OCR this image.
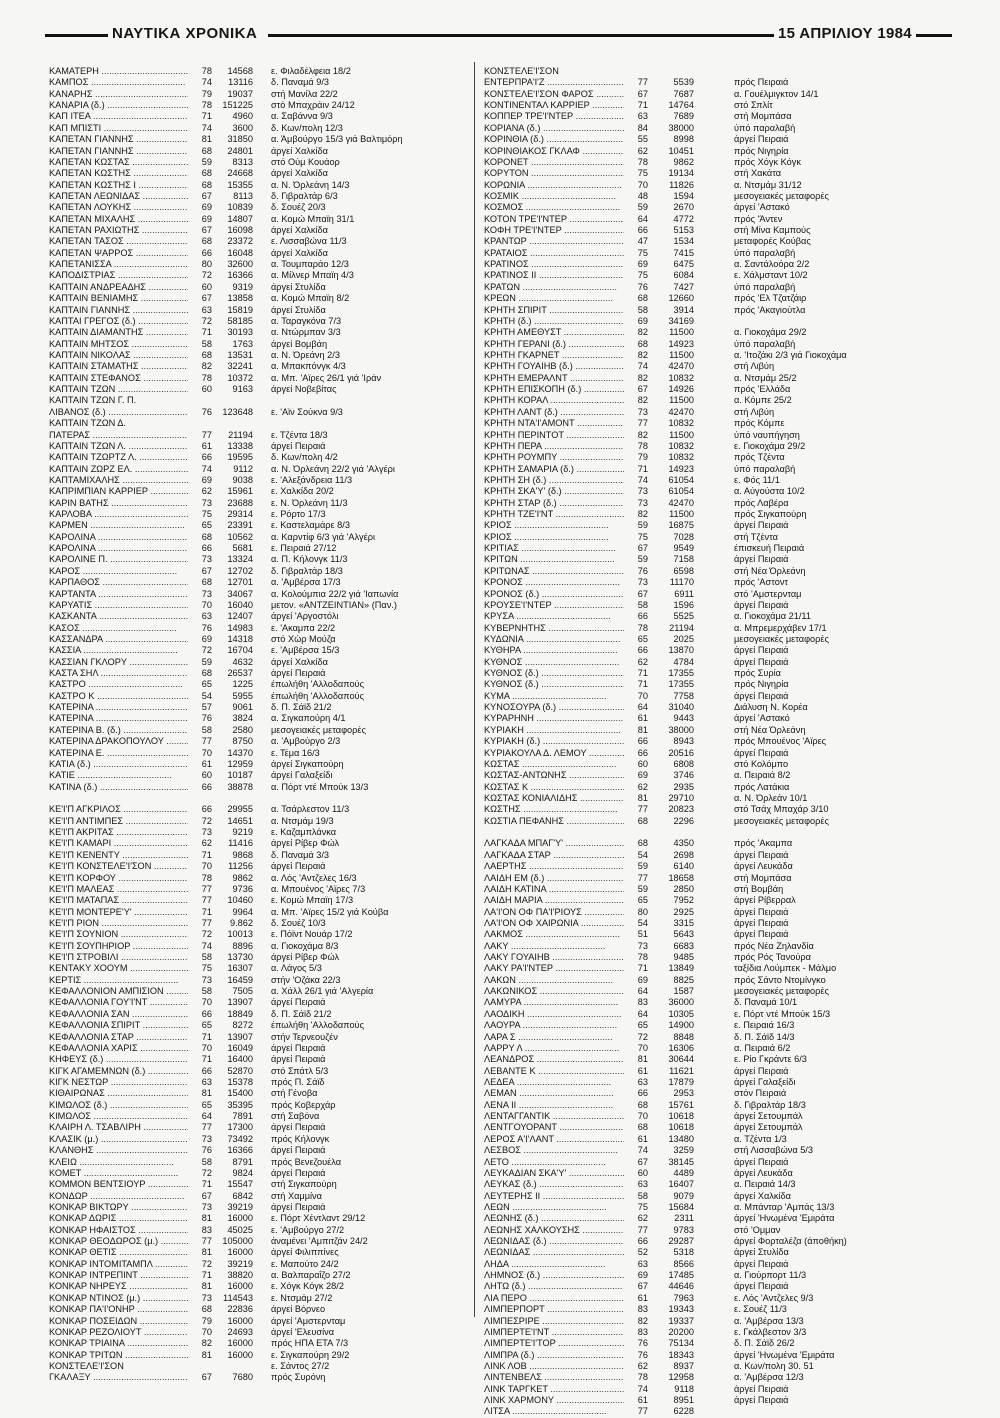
ΝΑΥΤΙΚΑ ΧΡΟΝΙΚΑ	15 ΑΠΡΙΛΙΟΥ 1984
ΚΑΜΑΤΕΡΗ .....	78	14568 ε. Φιλαδέλφεια 18/2
ΚΑΜΠΟΣ .....	74	13116 δ. Παναμά 9/3
ΚΑΝΑΡΗΣ .....	79	19037 στή Μανίλα 22/2
ΚΑΝΑΡΙΑ (δ.) .....	78	151225 στό Μπαχράιν 24/12
ΚΑΠ ΙΤΕΑ .....	71	4960 α. Σαβάννα 9/3
ΚΑΠ ΜΠΙΣΤΙ .....	74	3600 δ. Κων/πολη 12/3
ΚΑΠΕΤΑΝ ΓΙΑΝΝΗΣ .....	81	31850 α. Άμβούργο 15/3 γιά Βαλτιμόρη
ΚΑΠΕΤΑΝ ΓΙΑΝΝΗΣ .....	68	24801 άργεί Χαλκίδα
ΚΑΠΕΤΑΝ ΚΩΣΤΑΣ .....	59	8313 στό Ούμ Κουάορ
ΚΑΠΕΤΑΝ ΚΩΣΤΗΣ .....	68	24668 άργεί Χαλκίδα
ΚΑΠΕΤΑΝ ΚΩΣΤΗΣ Ι .....	68	15355 α. Ν. Όρλεάνη 14/3
ΚΑΠΕΤΑΝ ΛΕΩΝΙΔΑΣ .....	67	8113 δ. Γιβραλτάρ 6/3
ΚΑΠΕΤΑΝ ΛΟΥΚΗΣ .....	69	10839 δ. Σουέζ 20/3
ΚΑΠΕΤΑΝ ΜΙΧΑΛΗΣ .....	69	14807 α. Κομώ Μπαϊη 31/1
ΚΑΠΕΤΑΝ ΡΑΧΙΩΤΗΣ .....	67	16098 άργεί Χαλκίδα
ΚΑΠΕΤΑΝ ΤΑΣΟΣ .....	68	23372 ε. Λισσαβώνα 11/3
ΚΑΠΕΤΑΝ ΨΑΡΡΟΣ .....	66	16048 άργεί Χαλκίδα
ΚΑΠΕΤΑΝΙΣΣΑ .....	80	32600 α. Τουμπαράο 12/3
ΚΑΠΟΔΙΣΤΡΙΑΣ .....	72	16366 α. Μίλνερ Μπαϊη 4/3
ΚΑΠΤΑΙΝ ΑΝΔΡΕΑΔΗΣ .....	60	9319 άργεί Στυλίδα
ΚΑΠΤΑΙΝ ΒΕΝΙΑΜΗΣ .....	67	13858 α. Κομώ Μπαϊη 8/2
ΚΑΠΤΑΙΝ ΓΙΑΝΝΗΣ .....	63	15819 άργεί Στυλίδα
ΚΑΠΤΑΙ ΓΡΕΓΟΣ (δ.) .....	72	58185 α. Ταραγκόνα 7/3
ΚΑΠΤΑΙΝ ΔΙΑΜΑΝΤΗΣ .....	71	30193 α. Ντώρμπαν 3/3
ΚΑΠΤΑΙΝ ΜΗΤΣΟΣ .....	58	1763 άργεί Βομβάη
ΚΑΠΤΑΙΝ ΝΙΚΟΛΑΣ .....	68	13531 α. Ν. Όρεάνη 2/3
ΚΑΠΤΑΙΝ ΣΤΑΜΑΤΗΣ .....	82	32241 α. Μπακπόνγκ 4/3
ΚΑΠΤΑΙΝ ΣΤΕΦΑΝΟΣ .....	78	10372 α. Μπ. 'Αϊρες 26/1 γιά 'Ιράν
ΚΑΠΤΑΙΝ ΤΖΩΝ .....	60	9163 άργεί Νοβεβίτας
ΚΑΠΤΑΙΝ ΤΖΩΝ Γ. Π.
ΛΙΒΑΝΟΣ (δ.) .....	76	123648 ε. 'Αϊν Σούκνα 9/3
ΚΑΠΤΑΙΝ ΤΖΩΝ Δ.
ΠΑΤΕΡΑΣ .....	77	21194 ε. Τζέντα 18/3
ΚΑΠΤΑΙΝ ΤΖΩΝ Λ. .....	61	13338 άργεί Πειραιά
ΚΑΠΤΑΙΝ ΤΖΩΡΤΖ Λ. .....	66	19595 δ. Κων/πολη 4/2
ΚΑΠΤΑΙΝ ΖΩΡΖ ΕΛ. .....	74	9112 α. Ν. Όρλεάνη 22/2 γιά 'Αλγέρι
ΚΑΠΤΑΜΙΧΑΛΗΣ .....	69	9038 ε. 'Αλεξάνδρεια 11/3
ΚΑΠΡΙΜΠΙΑΝ ΚΑΡΡΙΕΡ .....	62	15961 ε. Χαλκίδα 20/2
ΚΑΡΙΝ ΒΑΤΗΣ .....	73	23688 ε. Ν. Όρλεάνη 11/3
ΚΑΡΛΟΒΑ .....	75	29314 ε. Ρόρτο 17/3
ΚΑΡΜΕΝ .....	65	23391 ε. Καστελαμάρε 8/3
ΚΑΡΟΛΙΝΑ .....	68	10562 α. Καρντίφ 6/3 γιά 'Αλγέρι
ΚΑΡΟΛΙΝΑ .....	66	5681 ε. Πειραιά 27/12
ΚΑΡΟΛΙΝΕ Π. .....	73	13324 α. Π. Κήλονγκ 11/3
ΚΑΡΟΣ .....	67	12702 δ. Γιβραλτάρ 18/3
ΚΑΡΠΑΘΟΣ .....	68	12701 α. 'Αμβέρσα 17/3
ΚΑΡΤΑΝΤΑ .....	73	34067 α. Κολούμπια 22/2 γιά 'Ιαπωνία
ΚΑΡΥΑΤΙΣ .....	70	16040 μετον. «ΑΝΤΖΕΙΝΤΙΑΝ» (Παν.)
ΚΑΣΚΑΝΤΑ .....	63	12407 άργεί 'Αργοστόλι
ΚΑΣΟΣ .....	76	14983 ε. 'Ακαμπα 22/2
ΚΑΣΣΑΝΔΡΑ .....	69	14318 στό Χώρ Μούζα
ΚΑΣΣΙΑ .....	72	16704 ε. 'Αμβέρσα 15/3
ΚΑΣΣΙΑΝ ΓΚΛΟΡΥ .....	59	4632 άργεί Χαλκίδα
ΚΑΣΤΑ ΣΗΛ .....	68	26537 άργεί Πειραιά
ΚΑΣΤΡΟ .....	65	1225 έπωλήθη 'Αλλοδαπούς
ΚΑΣΤΡΟ Κ .....	54	5955 έπωλήθη 'Αλλοδαπούς
ΚΑΤΕΡΙΝΑ .....	57	9061 δ. Π. Σάϊδ 21/2
ΚΑΤΕΡΙΝΑ .....	76	3824 α. Σιγκαπούρη 4/1
ΚΑΤΕΡΙΝΑ Β. (δ.) .....	58	2580 μεσογειακές μεταφορές
ΚΑΤΕΡΙΝΑ ΔΡΑΚΟΠΟΥΛΟΥ .....	77	8750 α. 'Αμβούργο 2/3
ΚΑΤΕΡΙΝΑ Ε. .....	70	14370 ε. Τέμα 16/3
ΚΑΤΙΑ (δ.) .....	61	12959 άργεί Σιγκαπούρη
ΚΑΤΙΕ .....	60	10187 άργεί Γαλαξείδι
ΚΑΤΙΝΑ (δ.) .....	66	38878 α. Πόρτ ντέ Μπούκ 13/3
ΚΕ'Ι'Π ΑΓΚΡΙΛΟΣ .....	66	29955 α. Τσάρλεστον 11/3
ΚΕ'Ι'Π ΑΝΤΙΜΠΕΣ .....	72	14651 α. Ντσμάμ 19/3
ΚΕ'Ι'Π ΑΚΡΙΤΑΣ .....	73	9219 ε. Καζαμπλάνκα
ΚΕ'Ι'Π ΚΑΜΑΡΙ .....	62	11416 άργεί Ρίβερ Φώλ
ΚΕ'Ι'Π ΚΕΝΕΝΤΥ .....	71	9868 δ. Παναμά 3/3
ΚΕ'Ι'Π ΚΟΝΣΤΕΛΕ'Ι'ΣΟΝ .....	70	11256 άργεί Πειραιά
ΚΕ'Ι'Π ΚΟΡΦΟΥ .....	78	9862 α. Λός 'Αντζελες 16/3
ΚΕ'Ι'Π ΜΑΛΕΑΣ .....	77	9736 α. Μπουένος 'Αϊρες 7/3
ΚΕ'Ι'Π ΜΑΤΑΠΑΣ .....	77	10460 ε. Κομώ Μπαϊη 17/3
ΚΕ'Ι'Π ΜΟΝΤΕΡΕ'Υ' .....	71	9964 α. Μπ. 'Αϊρες 15/2 γιά Κούβα
ΚΕ'Ι'Π ΡΙΟΝ .....	77	9.862 δ. Σουέζ 10/3
ΚΕ'Ι'Π ΣΟΥΝΙΟΝ .....	72	10013 ε. Πόϊντ Νουάρ 17/2
ΚΕ'Ι'Π ΣΟΥΠΗΡΙΟΡ .....	74	8896 α. Γιοκοχάμα 8/3
ΚΕ'Ι'Π ΣΤΡΟΒΙΛΙ .....	58	13730 άργεί Ρίβερ Φώλ
ΚΕΝΤΑΚΥ ΧΟΟΥΜ .....	75	16307 α. Λάγος 5/3
ΚΕΡΤΙΣ .....	73	16459 στήν 'Οζάκα 22/3
ΚΕΦΑΛΛΟΝΙΟΝ ΑΜΠΙΣΙΟΝ .....	58	7505 α. Χάλλ 26/1 γιά 'Αλγερία
ΚΕΦΑΛΛΟΝΙΑ ΓΟΥ'Ι'ΝΤ .....	70	13907 άργεί Πειραιά
ΚΕΦΑΛΛΟΝΙΑ ΣΑΝ .....	66	18849 δ. Π. Σάϊδ 21/2
ΚΕΦΑΛΛΟΝΙΑ ΣΠΙΡΙΤ .....	65	8272 έπωλήθη 'Αλλοδαπούς
ΚΕΦΑΛΛΟΝΙΑ ΣΤΑΡ .....	71	13907 στήν Τερνεουζέν
ΚΕΦΑΛΛΟΝΙΑ ΧΑΡΙΣ .....	70	16049 άργεί Πειραιά
ΚΗΦΕΥΣ (δ.) .....	71	16400 άργεί Πειραιά
ΚΙΓΚ ΑΓΑΜΕΜΝΩΝ (δ.) .....	66	52870 στό Σπάτλ 5/3
ΚΙΓΚ ΝΕΣΤΩΡ .....	63	15378 πρός Π. Σάϊδ
ΚΙΘΑΙΡΩΝΑΣ .....	81	15400 στή Γένοβα
ΚΙΜΩΛΟΣ (δ.) .....	65	35395 πρός Κοβερχάρ
ΚΙΜΩΛΟΣ .....	64	7891 στή Σαβόνα
ΚΛΑΙΡΗ Λ. ΤΣΑΒΛΙΡΗ .....	77	17300 άργεί Πειραιά
ΚΛΑΣΙΚ (μ.) .....	73	73492 πρός Κήλονγκ
ΚΛΑΝΘΗΣ .....	76	16366 άργεί Πειραιά
ΚΛΕΙΩ .....	58	8791 πρός Βενεζουέλα
ΚΟΜΕΤ .....	72	9824 άργεί Πειραιά
ΚΟΜΜΟΝ ΒΕΝΤΣΙΟΥΡ .....	71	15547 στή Σιγκαπούρη
ΚΟΝΔΩΡ .....	67	6842 στή Χαμμίνα
ΚΟΝΚΑΡ ΒΙΚΤΩΡΥ .....	73	39219 άργεί Πειραιά
ΚΟΝΚΑΡ ΔΩΡΙΣ .....	81	16000 ε. Πόρτ Χέντλαντ 29/12
ΚΟΝΚΑΡ ΗΦΑΙΣΤΟΣ .....	83	45025 ε. 'Αμβούργο 27/2
ΚΟΝΚΑΡ ΘΕΟΔΩΡΟΣ (μ.) .....	77	105000 άναμένει 'Αμπιτζάν 24/2
ΚΟΝΚΑΡ ΘΕΤΙΣ .....	81	16000 άργεί Φιλιππίνες
ΚΟΝΚΑΡ ΙΝΤΟΜΙΤΑΜΠΛ .....	72	39219 ε. Μαπούτο 24/2
ΚΟΝΚΑΡ ΙΝΤΡΕΠΙΝΤ .....	71	38820 α. Βαλπαραΐζο 27/2
ΚΟΝΚΑΡ ΝΗΡΕΥΣ .....	81	16000 ε. Χόγκ Κόγκ 28/2
ΚΟΝΚΑΡ ΝΤΙΝΟΣ (μ.) .....	73	114543 ε. Ντσμάμ 27/2
ΚΟΝΚΑΡ ΠΑ'Ι'ΟΝΗΡ .....	68	22836 άργεί Βόρνεο
ΚΟΝΚΑΡ ΠΟΣΕΙΔΩΝ .....	79	16000 άργεί 'Αμστερνταμ
ΚΟΝΚΑΡ ΡΕΖΟΛΙΟΥΤ .....	70	24693 άργεί 'Ελευσίνα
ΚΟΝΚΑΡ ΤΡΙΑΙΝΑ .....	82	16000 πρός ΗΠΑ ΕΤΑ 7/3
ΚΟΝΚΑΡ ΤΡΙΤΩΝ .....	81	16000 ε. Σιγκαπούρη 29/2
ΚΟΝΣΤΕΛΕ'Ι'ΣΟΝ	ε. Σάντος 27/2
ΓΚΑΛΑΞΥ .....	67	7680 πρός Συρόνη
ΚΟΝΣΤΕΛΕ'Ι'ΣΟΝ
ΕΝΤΕΡΠΡΑ'Ι'Ζ .....	77	5539	πρός Πειραιά
ΚΟΝΣΤΕΛΕ'Ι'ΣΟΝ ΦΑΡΟΣ .....	67	7687	α. Γουέλμιγκτον 14/1
ΚΟΝΤΙΝΕΝΤΑΛ ΚΑΡΡΙΕΡ .....	71	14764	στό Σπλίτ
ΚΟΠΠΕΡ ΤΡΕ'Ι'ΝΤΕΡ .....	63	7689	στή Μομπάσα
ΚΟΡΙΑΝΑ (δ.) .....	84	38000	ύπό παραλαβή
ΚΟΡΙΝΘΙΑ (δ.) .....	55	8998	άργεί Πειραιά
ΚΟΡΙΝΘΙΑΚΟΣ ΓΚΛΑΦ .....	62	10451	πρός Νιγηρία
ΚΟΡΟΝΕΤ .....	78	9862	πρός Χόγκ Κόγκ
ΚΟΡΥΤΟΝ .....	75	19134	στή Χακάτα
ΚΟΡΩΝΙΑ .....	70	11826	α. Ντσμάμ 31/12
ΚΟΣΜΙΚ .....	48	1594	μεσογειακές μεταφορές
ΚΟΣΜΟΣ .....	59	2670	άργεί 'Αστακό
ΚΟΤΟΝ ΤΡΕ'Ι'ΝΤΕΡ .....	64	4772	πρός 'Άντεν
ΚΟΦΗ ΤΡΕ'Ι'ΝΤΕΡ .....	66	5153	στή Μίνα Καμπούς
ΚΡΑΝΤΩΡ .....	47	1534	μεταφορές Κούβας
ΚΡΑΤΑΙΟΣ .....	75	7415	ύπό παραλαβή
ΚΡΑΤΙΝΟΣ .....	69	6475	α. Σαντάλοόρα 2/2
ΚΡΑΤΙΝΟΣ ΙΙ .....	75	6084	ε. Χάλμσταντ 10/2
ΚΡΑΤΩΝ .....	76	7427	ύπό παραλαβή
ΚΡΕΩΝ .....	68	12660	πρός 'Ελ Τζατζάιρ
ΚΡΗΤΗ ΣΠΙΡΙΤ .....	58	3914	πρός 'Ακαγιούτλα
ΚΡΗΤΗ (δ.) .....	69	34169
ΚΡΗΤΗ ΑΜΕΘΥΣΤ .....	82	11500	α. Γιοκοχάμα 29/2
ΚΡΗΤΗ ΓΕΡΑΝΙ (δ.) .....	68	14923	ύπό παραλαβή
ΚΡΗΤΗ ΓΚΑΡΝΕΤ .....	82	11500	α. 'Ιτοζάκι 2/3 γιά Γιοκοχάμα
ΚΡΗΤΗ ΓΟΥΑΙΗΒ (δ.) .....	74	42470	στή Λιβύη
ΚΡΗΤΗ ΕΜΕΡΑΛΝΤ .....	82	10832	α. Ντσμάμ 25/2
ΚΡΗΤΗ ΕΠΙΣΚΟΠΗ (δ.) .....	67	14926	πρός 'Ελλάδα
ΚΡΗΤΗ ΚΟΡΑΛ .....	82	11500	α. Κόμπε 25/2
ΚΡΗΤΗ ΛΑΝΤ (δ.) .....	73	42470	στή Λιβύη
ΚΡΗΤΗ ΝΤΑ'Ι'ΑΜΟΝΤ .....	77	10832	πρός Κόμπε
ΚΡΗΤΗ ΠΕΡΙΝΤΟΤ .....	82	11500	ύπό ναυπήγηση
ΚΡΗΤΗ ΠΕΡΑ .....	78	10832	ε. Γιοκοχάμα 29/2
ΚΡΗΤΗ ΡΟΥΜΠΥ .....	79	10832	πρός Τζέντα
ΚΡΗΤΗ ΣΑΜΑΡΙΑ (δ.) .....	71	14923	ύπό παραλαβή
ΚΡΗΤΗ ΣΗ (δ.) .....	74	61054	ε. Φός 11/1
ΚΡΗΤΗ ΣΚΑ'Υ' (δ.) .....	73	61054	α. Αύγούστα 10/2
ΚΡΗΤΗ ΣΤΑΡ (δ.) .....	73	42470	πρός Λαβέρα
ΚΡΗΤΗ ΤΖΕ'Ι'ΝΤ .....	82	11500	πρός Σιγκαπούρη
ΚΡΙΟΣ .....	59	16875	άργεί Πειραιά
ΚΡΙΟΣ .....	75	7028	στή Τζέντα
ΚΡΙΤΙΑΣ .....	67	9549	έπισκευή Πειραιά
ΚΡΙΤΩΝ .....	59	7158	άργεί Πειραιά
ΚΡΙΤΩΝΑΣ .....	76	6598	στή Νέα Όρλεάνη
ΚΡΟΝΟΣ .....	73	11170	πρός 'Αστοντ
ΚΡΟΝΟΣ (δ.) .....	67	6911	στό 'Αμστερνταμ
ΚΡΟΥΣΕ'Ι'ΝΤΕΡ .....	58	1596	άργεί Πειραιά
ΚΡΥΣΑ .....	66	5525	α. Γιοκοχάμα 21/11
ΚΥΒΕΡΝΗΤΗΣ .....	78	21194	α. Μπρεμερχάβεν 17/1
ΚΥΔΩΝΙΑ .....	65	2025	μεσογειακές μεταφορές
ΚΥΘΗΡΑ .....	66	13870	άργεί Πειραιά
ΚΥΘΝΟΣ .....	62	4784	άργεί Πειραιά
ΚΥΘΝΟΣ (δ.) .....	71	17355	πρός Συρία
ΚΥΘΝΟΣ (δ.) .....	71	17355	πρός Νιγηρία
ΚΥΜΑ .....	70	7758	άργεί Πειραιά
ΚΥΝΟΣΟΥΡΑ (δ.) .....	64	31040	Διάλυση Ν. Κορέα
ΚΥΡΑΡΗΝΗ .....	61	9443	άργεί 'Αστακό
ΚΥΡΙΑΚΗ .....	81	38000	στή Νέα Όρλεάνη
ΚΥΡΙΑΚΗ (δ.) .....	66	8943	πρός Μπουένος 'Αϊρες
ΚΥΡΙΑΚΟΥΛΑ Δ. ΛΕΜΟΥ .....	66	20516	άργεί Πειραιά
ΚΩΣΤΑΣ .....	60	6808	στό Κολόμπο
ΚΩΣΤΑΣ-ΑΝΤΩΝΗΣ .....	69	3746	α. Πειραιά 8/2
ΚΩΣΤΑΣ Κ .....	62	2935	πρός Λατάκια
ΚΩΣΤΑΣ ΚΟΝΙΑΛΙΔΗΣ .....	81	29710	α. Ν. Όρλεάν 10/1
ΚΩΣΤΗΣ .....	77	20823	στό Τσάχ Μπαχάρ 3/10
ΚΩΣΤΙΑ ΠΕΦΑΝΗΣ .....	68	2296	μεσογειακές μεταφορές
ΛΑΓΚΑΔΑ ΜΠΑΓ'Υ' .....	68	4350	πρός 'Ακαμπα
ΛΑΓΚΑΔΑ ΣΤΑΡ .....	54	2698	άργεί Πειραιά
ΛΑΕΡΤΗΣ .....	59	6140	άργεί Λευκάδα
ΛΑΙΔΗ ΕΜ (δ.) .....	77	18658	στή Μομπάσα
ΛΑΙΔΗ ΚΑΤΙΝΑ .....	59	2850	στή Βομβάη
ΛΑΙΔΗ ΜΑΡΙΑ .....	65	7952	άργεί Ρίβερραλ
ΛΑ'Ι'ΟΝ ΟΦ ΠΑ'Ι'ΡΙΟΥΣ .....	80	2925	άργεί Πειραιά
ΛΑ'Ι'ΟΝ ΟΦ ΧΑΙΡΩΝΙΑ .....	54	3315	άργεί Πειραιά
ΛΑΚΜΟΣ .....	51	5643	άργεί Πειραιά
ΛΑΚΥ .....	73	6683	πρός Νέα Ζηλανδία
ΛΑΚΥ ΓΟΥΑΙΗΒ .....	78	9485	πρός Ρός Τανούρα
ΛΑΚΥ ΡΑ'Ι'ΝΤΕΡ .....	71	13849	ταξίδια Λούμπεκ - Μάλμο
ΛΑΚΩΝ .....	69	8825	πρός Σάντο Ντομίνγκο
ΛΑΚΩΝΙΚΟΣ .....	64	1587	μεσογειακές μεταφορές
ΛΑΜΥΡΑ .....	83	36000	δ. Παναμά 10/1
ΛΑΟΔΙΚΗ .....	64	10305	ε. Πόρτ ντέ Μπούκ 15/3
ΛΑΟΥΡΑ .....	65	14900	ε. Πειραιά 16/3
ΛΑΡΑ Σ .....	72	8848	δ. Π. Σάϊδ 14/3
ΛΑΡΡΥ Λ .....	70	16306	α. Πειραιά 6/2
ΛΕΑΝΔΡΟΣ .....	81	30644	ε. Ρίο Γκράντε 6/3
ΛΕΒΑΝΤΕ Κ .....	61	11621	άργεί Πειραιά
ΛΕΔΕΑ .....	63	17879	άργεί Γαλαξείδι
ΛΕΜΑΝ .....	66	2953	στόν Πειραιά
ΛΕΝΑ ΙΙ .....	68	15761	δ. Γιβραλτάρ 18/3
ΛΕΝΤΑΓΓΑΝΤΙΚ .....	70	10618	άργεί Σετουμπάλ
ΛΕΝΤΓΟΥΟΡΑΝΤ .....	68	10618	άργεί Σετουμπάλ
ΛΕΡΟΣ Α'Ι'ΛΑΝΤ .....	61	13480	α. Τζέντα 1/3
ΛΕΣΒΟΣ .....	74	3259	στή Λισσαβώνα 5/3
ΛΕΤΟ .....	67	38145	άργεί Πειραιά
ΛΕΥΚΑΔΙΑΝ ΣΚΑ'Υ' .....	60	4489	άργεί Λευκάδα
ΛΕΥΚΑΣ (δ.) .....	63	16407	α. Πειραιά 14/3
ΛΕΥΤΕΡΗΣ ΙΙ .....	58	9079	άργεί Χαλκίδα
ΛΕΩΝ .....	75	15684	α. Μπάνταρ 'Αμπάς 13/3
ΛΕΩΝΗΣ (δ.) .....	62	2311	άργεί 'Ηνωμένα 'Εμιράτα
ΛΕΩΝΗΣ ΧΑΛΚΟΥΣΗΣ .....	77	9783	στό 'Ομμαν
ΛΕΩΝΙΔΑΣ (δ.) .....	66	29287	άργεί Φορταλέζα (άποθήκη)
ΛΕΩΝΙΔΑΣ .....	52	5318	άργεί Στυλίδα
ΛΗΔΑ .....	63	8566	άργεί Πειραιά
ΛΗΜΝΟΣ (δ.) .....	69	17485	α. Γιούρπορτ 11/3
ΛΗΤΩ (δ.) .....	67	44646	άργεί Πειραιά
ΛΙΑ ΠΕΡΟ .....	61	7963	ε. Λός 'Αντζελες 9/3
ΛΙΜΠΕΡΠΟΡΤ .....	83	19343	ε. Σουέζ 11/3
ΛΙΜΠΕΣΡΙΡΕ .....	82	19337	α. 'Αμβέρσα 13/3
ΛΙΜΠΕΡΤΕ'Ι'ΝΤ .....	83	20200	ε. Γκάλβεστον 3/3
ΛΙΜΠΕΡΤΕ'Ι'ΤΟΡ .....	76	75134	δ. Π. Σάϊδ 26/2
ΛΙΜΠΡΑ (δ.) .....	76	18343	άργεί 'Ηνωμένα 'Εμιράτα
ΛΙΝΚ ΛΟΒ .....	62	8937	α. Κων/πολη 30. 51
ΛΙΝΤΕΝΒΕΛΣ .....	78	12958	α. 'Αμβέρσα 12/3
ΛΙΝΚ ΤΑΡΓΚΕΤ .....	74	9118	άργεί Πειραιά
ΛΙΝΚ ΧΑΡΜΟΝΥ .....	61	8951	άργεί Πειραιά
ΛΙΤΣΑ .....	77	6228
